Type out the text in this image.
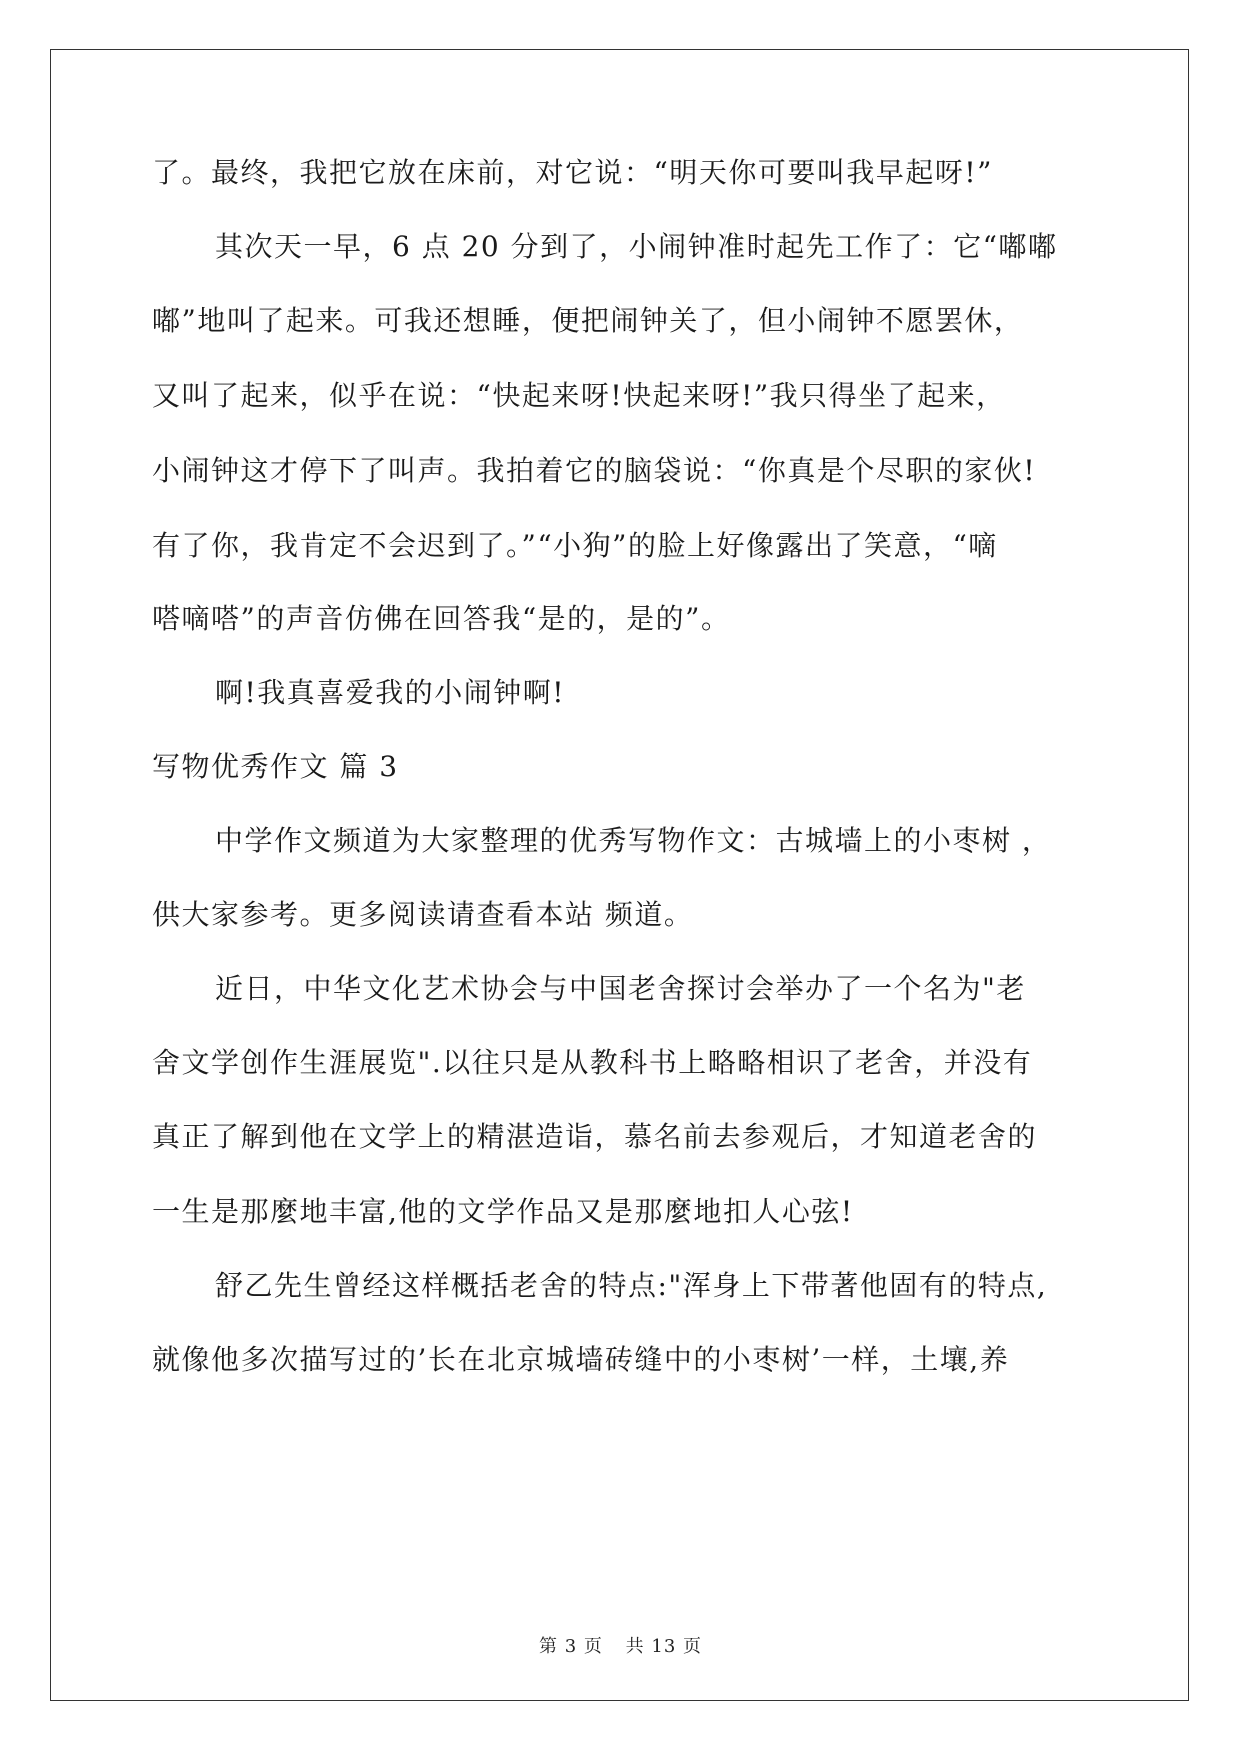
了。最终，我把它放在床前，对它说：“明天你可要叫我早起呀!”
其次天一早，6 点 20 分到了，小闹钟准时起先工作了：它“嘟嘟
嘟”地叫了起来。可我还想睡，便把闹钟关了，但小闹钟不愿罢休，
又叫了起来，似乎在说：“快起来呀!快起来呀!”我只得坐了起来，
小闹钟这才停下了叫声。我拍着它的脑袋说：“你真是个尽职的家伙!
有了你，我肯定不会迟到了。”“小狗”的脸上好像露出了笑意，“嘀
嗒嘀嗒”的声音仿佛在回答我“是的，是的”。
啊!我真喜爱我的小闹钟啊!
写物优秀作文 篇 3
中学作文频道为大家整理的优秀写物作文：古城墙上的小枣树 ，
供大家参考。更多阅读请查看本站 频道。
近日，中华文化艺术协会与中国老舍探讨会举办了一个名为"老
舍文学创作生涯展览".以往只是从教科书上略略相识了老舍，并没有
真正了解到他在文学上的精湛造诣，慕名前去参观后，才知道老舍的
一生是那麼地丰富,他的文学作品又是那麼地扣人心弦!
舒乙先生曾经这样概括老舍的特点:"浑身上下带著他固有的特点,
就像他多次描写过的’长在北京城墙砖缝中的小枣树’一样，土壤,养
第 3 页 共 13 页
